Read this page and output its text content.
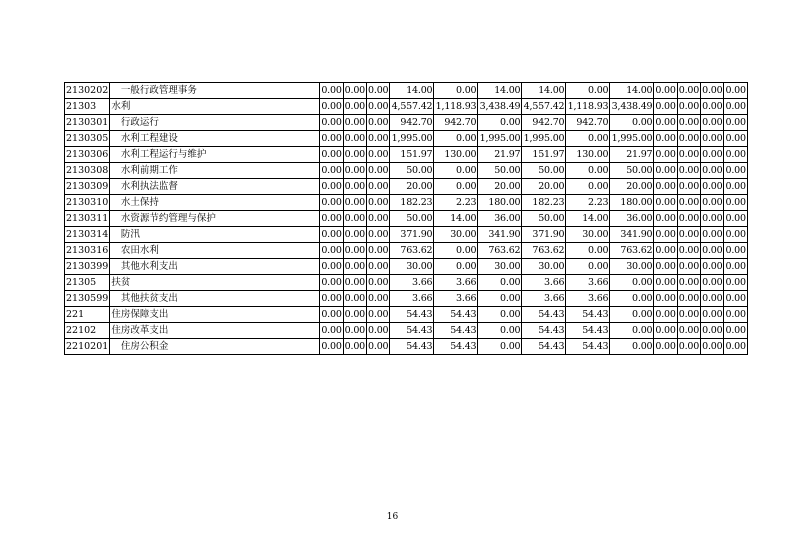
2130202	　一般行政管理事务	0.00	0.00	0.00	14.00	0.00	14.00	14.00	0.00	14.00	0.00	0.00	0.00	0.00
21303	水利	0.00	0.00	0.00	4,557.42	1,118.93	3,438.49	4,557.42	1,118.93	3,438.49	0.00	0.00	0.00	0.00
2130301	　行政运行	0.00	0.00	0.00	942.70	942.70	0.00	942.70	942.70	0.00	0.00	0.00	0.00	0.00
2130305	　水利工程建设	0.00	0.00	0.00	1,995.00	0.00	1,995.00	1,995.00	0.00	1,995.00	0.00	0.00	0.00	0.00
2130306	　水利工程运行与维护	0.00	0.00	0.00	151.97	130.00	21.97	151.97	130.00	21.97	0.00	0.00	0.00	0.00
2130308	　水利前期工作	0.00	0.00	0.00	50.00	0.00	50.00	50.00	0.00	50.00	0.00	0.00	0.00	0.00
2130309	　水利执法监督	0.00	0.00	0.00	20.00	0.00	20.00	20.00	0.00	20.00	0.00	0.00	0.00	0.00
2130310	　水土保持	0.00	0.00	0.00	182.23	2.23	180.00	182.23	2.23	180.00	0.00	0.00	0.00	0.00
2130311	　水资源节约管理与保护	0.00	0.00	0.00	50.00	14.00	36.00	50.00	14.00	36.00	0.00	0.00	0.00	0.00
2130314	　防汛	0.00	0.00	0.00	371.90	30.00	341.90	371.90	30.00	341.90	0.00	0.00	0.00	0.00
2130316	　农田水利	0.00	0.00	0.00	763.62	0.00	763.62	763.62	0.00	763.62	0.00	0.00	0.00	0.00
2130399	　其他水利支出	0.00	0.00	0.00	30.00	0.00	30.00	30.00	0.00	30.00	0.00	0.00	0.00	0.00
21305	扶贫	0.00	0.00	0.00	3.66	3.66	0.00	3.66	3.66	0.00	0.00	0.00	0.00	0.00
2130599	　其他扶贫支出	0.00	0.00	0.00	3.66	3.66	0.00	3.66	3.66	0.00	0.00	0.00	0.00	0.00
221	住房保障支出	0.00	0.00	0.00	54.43	54.43	0.00	54.43	54.43	0.00	0.00	0.00	0.00	0.00
22102	住房改革支出	0.00	0.00	0.00	54.43	54.43	0.00	54.43	54.43	0.00	0.00	0.00	0.00	0.00
2210201	　住房公积金	0.00	0.00	0.00	54.43	54.43	0.00	54.43	54.43	0.00	0.00	0.00	0.00	0.00
16
